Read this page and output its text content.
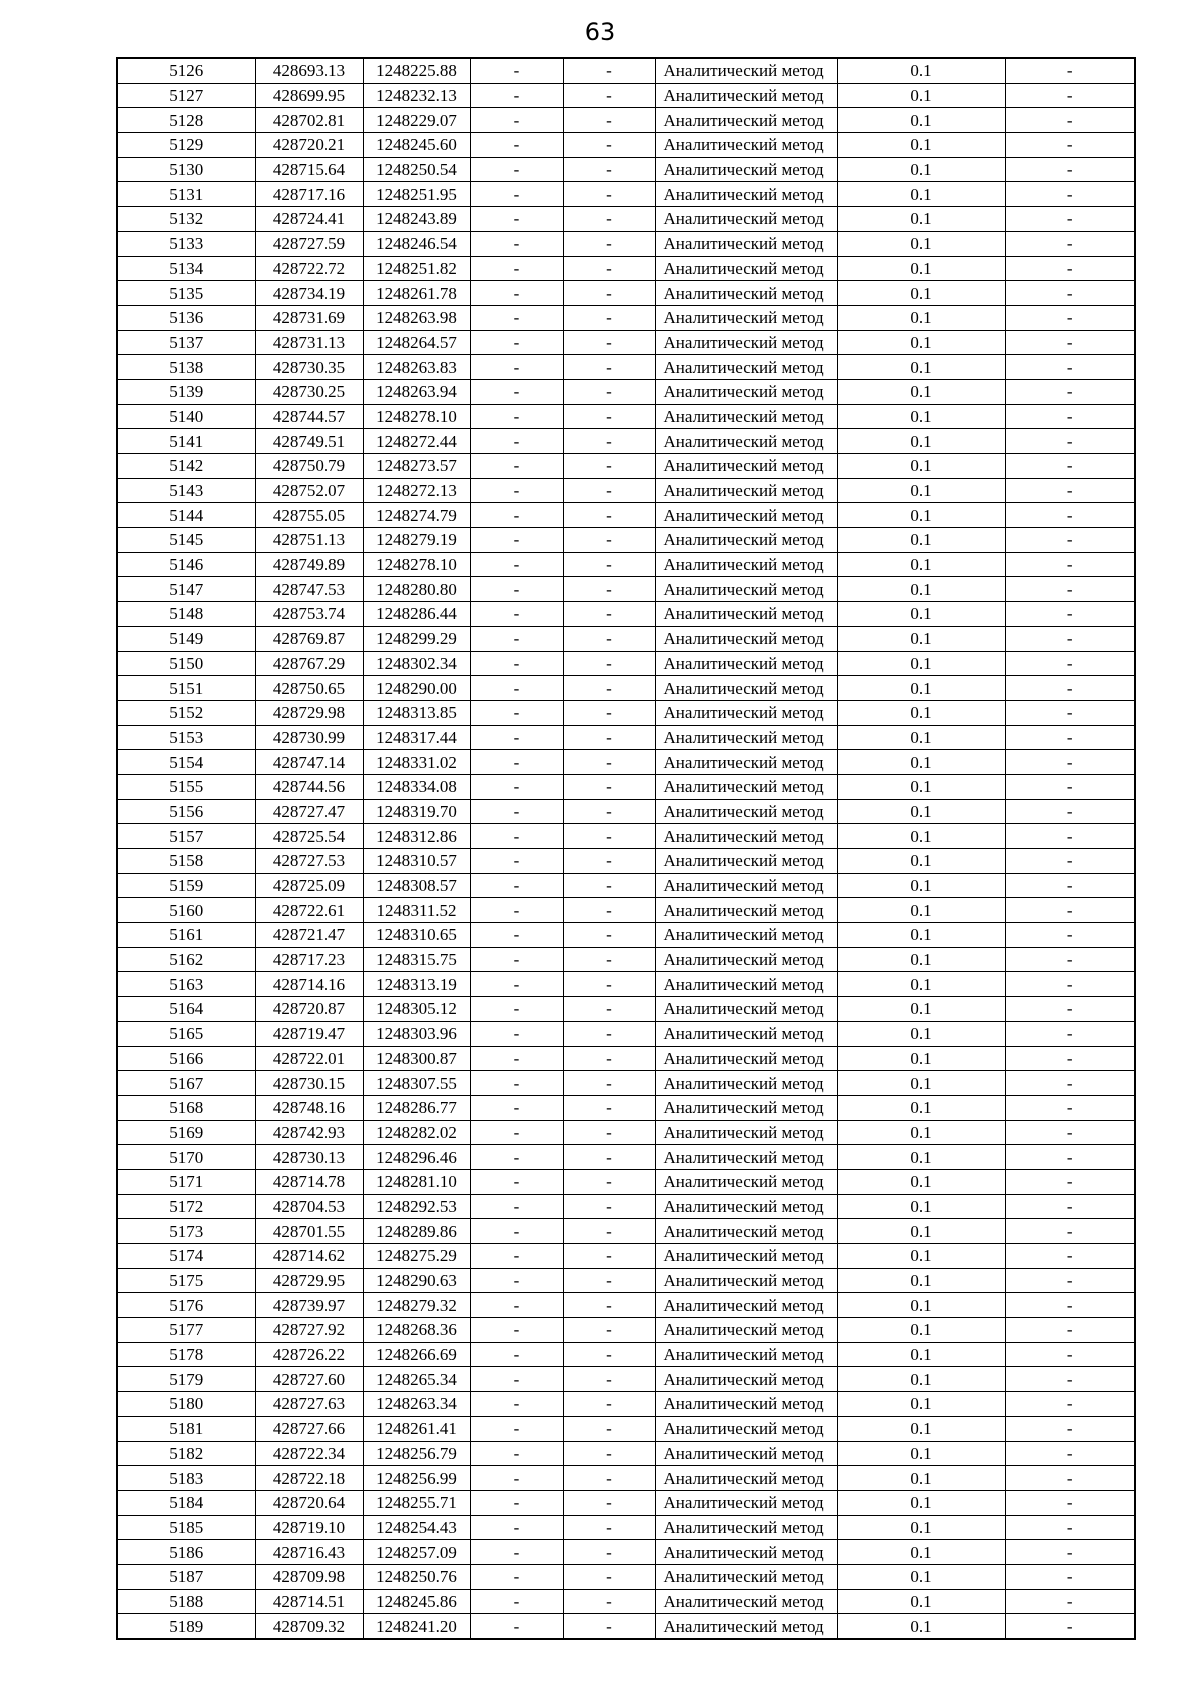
63
5126	428693.13	1248225.88	-	-	Аналитический метод	0.1	-
5127	428699.95	1248232.13	-	-	Аналитический метод	0.1	-
5128	428702.81	1248229.07	-	-	Аналитический метод	0.1	-
5129	428720.21	1248245.60	-	-	Аналитический метод	0.1	-
5130	428715.64	1248250.54	-	-	Аналитический метод	0.1	-
5131	428717.16	1248251.95	-	-	Аналитический метод	0.1	-
5132	428724.41	1248243.89	-	-	Аналитический метод	0.1	-
5133	428727.59	1248246.54	-	-	Аналитический метод	0.1	-
5134	428722.72	1248251.82	-	-	Аналитический метод	0.1	-
5135	428734.19	1248261.78	-	-	Аналитический метод	0.1	-
5136	428731.69	1248263.98	-	-	Аналитический метод	0.1	-
5137	428731.13	1248264.57	-	-	Аналитический метод	0.1	-
5138	428730.35	1248263.83	-	-	Аналитический метод	0.1	-
5139	428730.25	1248263.94	-	-	Аналитический метод	0.1	-
5140	428744.57	1248278.10	-	-	Аналитический метод	0.1	-
5141	428749.51	1248272.44	-	-	Аналитический метод	0.1	-
5142	428750.79	1248273.57	-	-	Аналитический метод	0.1	-
5143	428752.07	1248272.13	-	-	Аналитический метод	0.1	-
5144	428755.05	1248274.79	-	-	Аналитический метод	0.1	-
5145	428751.13	1248279.19	-	-	Аналитический метод	0.1	-
5146	428749.89	1248278.10	-	-	Аналитический метод	0.1	-
5147	428747.53	1248280.80	-	-	Аналитический метод	0.1	-
5148	428753.74	1248286.44	-	-	Аналитический метод	0.1	-
5149	428769.87	1248299.29	-	-	Аналитический метод	0.1	-
5150	428767.29	1248302.34	-	-	Аналитический метод	0.1	-
5151	428750.65	1248290.00	-	-	Аналитический метод	0.1	-
5152	428729.98	1248313.85	-	-	Аналитический метод	0.1	-
5153	428730.99	1248317.44	-	-	Аналитический метод	0.1	-
5154	428747.14	1248331.02	-	-	Аналитический метод	0.1	-
5155	428744.56	1248334.08	-	-	Аналитический метод	0.1	-
5156	428727.47	1248319.70	-	-	Аналитический метод	0.1	-
5157	428725.54	1248312.86	-	-	Аналитический метод	0.1	-
5158	428727.53	1248310.57	-	-	Аналитический метод	0.1	-
5159	428725.09	1248308.57	-	-	Аналитический метод	0.1	-
5160	428722.61	1248311.52	-	-	Аналитический метод	0.1	-
5161	428721.47	1248310.65	-	-	Аналитический метод	0.1	-
5162	428717.23	1248315.75	-	-	Аналитический метод	0.1	-
5163	428714.16	1248313.19	-	-	Аналитический метод	0.1	-
5164	428720.87	1248305.12	-	-	Аналитический метод	0.1	-
5165	428719.47	1248303.96	-	-	Аналитический метод	0.1	-
5166	428722.01	1248300.87	-	-	Аналитический метод	0.1	-
5167	428730.15	1248307.55	-	-	Аналитический метод	0.1	-
5168	428748.16	1248286.77	-	-	Аналитический метод	0.1	-
5169	428742.93	1248282.02	-	-	Аналитический метод	0.1	-
5170	428730.13	1248296.46	-	-	Аналитический метод	0.1	-
5171	428714.78	1248281.10	-	-	Аналитический метод	0.1	-
5172	428704.53	1248292.53	-	-	Аналитический метод	0.1	-
5173	428701.55	1248289.86	-	-	Аналитический метод	0.1	-
5174	428714.62	1248275.29	-	-	Аналитический метод	0.1	-
5175	428729.95	1248290.63	-	-	Аналитический метод	0.1	-
5176	428739.97	1248279.32	-	-	Аналитический метод	0.1	-
5177	428727.92	1248268.36	-	-	Аналитический метод	0.1	-
5178	428726.22	1248266.69	-	-	Аналитический метод	0.1	-
5179	428727.60	1248265.34	-	-	Аналитический метод	0.1	-
5180	428727.63	1248263.34	-	-	Аналитический метод	0.1	-
5181	428727.66	1248261.41	-	-	Аналитический метод	0.1	-
5182	428722.34	1248256.79	-	-	Аналитический метод	0.1	-
5183	428722.18	1248256.99	-	-	Аналитический метод	0.1	-
5184	428720.64	1248255.71	-	-	Аналитический метод	0.1	-
5185	428719.10	1248254.43	-	-	Аналитический метод	0.1	-
5186	428716.43	1248257.09	-	-	Аналитический метод	0.1	-
5187	428709.98	1248250.76	-	-	Аналитический метод	0.1	-
5188	428714.51	1248245.86	-	-	Аналитический метод	0.1	-
5189	428709.32	1248241.20	-	-	Аналитический метод	0.1	-
